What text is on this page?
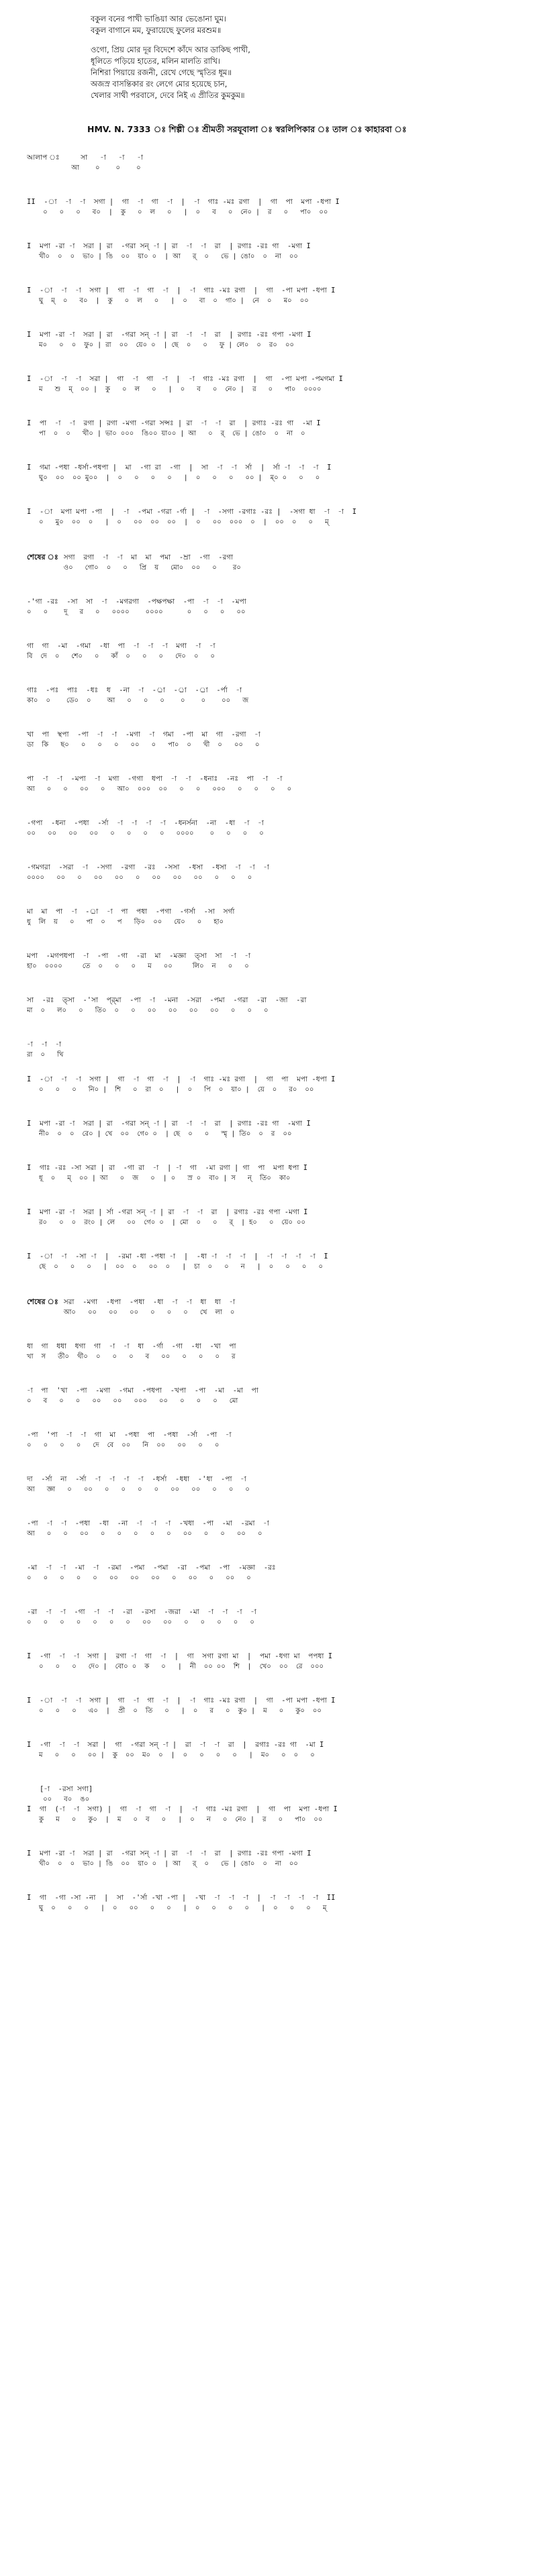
বকুল বনের পাখী ভাঙিয়া আর ভেঙোনা ঘুম।
বকুল বাগানে মম, ফুরায়েছে ফুলের মরশুম॥
ওগো, প্রিয় মোর দূর বিদেশে কাঁদে আর ডাকিছ পাখী,
ধূলিতে পড়িয়ে হাতের, মলিন মালতি রাখি।
নিশিরা পিয়ায়ে রজনী, রেখে গেছে স্মৃতির ধূম॥
অজস্র বাসন্তিকার রং লেগে মোর হয়েছে চান,
খেলার সাথী পরবাসে, দেবে নিই এ প্রীতির কুমকুম॥
HMV. N. 7333 ঃ শিল্পী ঃ শ্রীমতী সরযূবালা ঃ স্বরলিপিকার ঃ তাল ঃ কাহারবা ঃ
আলাপ ঃ     সা   -া   -া   -া
আ    ০    ০    ০
II  -া  -া  -া  সগা |  গা  -া  গা  -া  |  -া  গাঃ -মঃ রগা  |  গা  পা  মপা -ধপা I
০   ০   ০   ব০  |  কু   ০  ল   ০   |  ০   ব   ০  নে০ |  র   ০   পা০  ০০
I  মপা -রা -া  সরা | রা  -গরা সন্ -া | রা  -া  -া  রা  | রগাঃ -রঃ গা  -মগা I
খী০  ০  ০  ভা০ | ঙি  ০০  য়া০ ০  | আ   র্  ০   ভে | ঙো০  ০  না  ০০
I  -া  -া  -া  সগা |  গা  -া  গা  -া  |  -া  গাঃ -মঃ রগা  |  গা  -পা মপা -ধপা I
ঘু  ম্  ০   ব০  |  কু   ০  ল   ০   |  ০   বা  ০  গা০ |  নে  ০   ম০  ০০
I  মপা -রা -া  সরা | রা  -গরা সন্ -া | রা  -া  -া  রা  | রগাঃ -রঃ গপা -মগা I
ম০   ০  ০  ফু০ | রা  ০০  য়ে০ ০  | ছে  ০   ০   ফু | লে০  ০  র০  ০০
I  -া  -া  -া  সরা |  গা  -া  গা  -া  |  -া  গাঃ -মঃ রগা  |  গা  -পা মপা -পমগমা I
ম   শু  ম্  ০০ |  কু   ০  ল   ০   |  ০   ব   ০  নে০ |  র   ০   পা০  ০০০০
I  পা  -া  -া  রগা | রগা -মগা -গরা সন্সঃ | রা  -া  -া  রা  | রগাঃ -রঃ গা  -মা I
পা  ০  ০   খী০ | ভা০ ০০০  ঙি০০ য়া০০ | আ   ০  র্  ভে | ঙো০  ০  না  ০
I  গমা -পধা -ধর্সা-পধপা |  মা  -গা রা  -গা  |  সা  -া  -া  র্সা  |  র্সা -া  -া  -া  I
ঘু০  ০০  ০০ মু০০  |  ০   ০   ০   ০   |  ০   ০   ০   ০০ |  ম্০ ০   ০   ০
I  -া  মপা মপা -পা  |  -া  -পমা -গরা -র্গা |  -া  -সগা -রগাঃ -রঃ |  -সগা ধা  -া  -া  I
০   মু০  ০০  ০   |  ০   ০০  ০০  ০০  |  ০   ০০  ০০০  ০  |  ০০  ০   ০   ম্
শেষের ঃ সগা  রগা  -া  -া  মা  মা  পমা  -ম্রা  -গা  -রগা
ও০   গো০  ০   ০   প্রি  য়   মো০  ০০   ০    র০
-'গা -রঃ  -সা  সা  -া  -মগরগা  -পক্ষপক্ষা  -পা  -া  -া  -মপা
০   ০    দূ   র   ০   ০০০০    ০০০০      ০   ০   ০   ০০
গা  গা  -মা  -গমা  -ধা  পা  -া  -া  -া  মগা  -া  -া
বি  দে  ০   শে০   ০   কাঁ  ০   ০   ০   দে০  ০   ০
গাঃ  -পঃ  পাঃ  -ধঃ  ধ  -না  -া  -র্া  -র্া  -র্া  -র্পা  -া
কা০  ০    ডে০  ০    আ   ০   ০   ০    ০    ০    ০০   জ
খা  পা  স্থপা  -পা  -া  -া  -মগা  -া  গমা  -পা  মা  গা  -রগা  -া
ডা  কি   ছ০   ০   ০   ০   ০০   ০   পা০  ০   খী  ০   ০০   ০
পা  -া  -া  -মপা  -া  মগা  -গগা  ধপা  -া  -া  -ধনাঃ  -নঃ  পা  -া  -া
আ   ০   ০   ০০   ০   আ০  ০০০  ০০   ০   ০   ০০০   ০   ০   ০   ০
-গপা  -ধনা  -পধা  -র্সা  -া  -া  -া  -া  -ধনর্সনা  -না  -ধা  -া  -া
০০   ০০   ০০   ০০   ০   ০   ০   ০   ০০০০    ০   ০   ০   ০
-গমগরা  -সরা  -া  -সগা  -রগা  -রঃ  -সসা  -ধসা  -ধসা  -া  -া  -া
০০০০   ০০   ০   ০০   ০০   ০   ০০   ০০   ০০   ০   ০   ০
মা  মা  পা  -া  -র্া  -া  পা  পধা  -পগা  -গর্সা  -সা  সর্গা
ধু  লি  য়   ০   পা  ০   প   ড়ি০  ০০   য়ে০   ০   হা০
মপা  -মগপধপা  -া  -পা  -গা  -রা  মা  -মজ্ঞা  ত্সা  সা  -া  -া
হা০  ০০০০     তে  ০   ০   ০   ম   ০০     লি০  ন   ০   ০
সা  -রঃ  ত্সা  -'সা  প্র্মা  -পা  -া  -মনা  -সরা  -পমা  -গরা  -রা  -জা  -রা
মা  ০   ল০   ০   তি০  ০   ০   ০০   ০০   ০০   ০০   ০   ০   ০
-া  -া  -া
রা  ০   খি
I  -া  -া  -া  সগা |  গা  -া  গা  -া  |  -া  গাঃ -মঃ রগা  |  গা  পা  মপা -ধপা I
০   ০   ০   নি০ |  শি   ০  রা  ০   |  ০   পি  ০  য়া০ |  য়ে  ০   র০  ০০
I  মপা -রা -া  সরা | রা  -গরা সন্ -া | রা  -া  -া  রা  | রগাঃ -রঃ গা  -মগা I
নী০  ০  ০  রে০ | খে  ০০  গে০ ০  | ছে  ০   ০   স্মৃ | তি০  ০  র  ০০
I  গাঃ -রঃ -সা সরা | রা  -গা রা  -া  | -া  গা  -মা রগা | গা  পা  মপা ধপা I
ধূ  ০   ম্  ০০ | আ   ০  জ   ০  | ০   স্র ০  বা০ | স   ন্  তি০  কা০
I  মপা -রা -া  সরা | র্সা -গরা সন্ -া | রা  -া  -া  রা  | রগাঃ -রঃ গপা -মগা I
র০   ০  ০  রং০ | লে   ০০  গে০ ০  | মো  ০   ০   র্  | হ০   ০  য়ে০ ০০
I  -া  -া  -সা -া  |  -রমা -ধা -পধা -া  |  -ধা -া  -া  -া  |  -া  -া  -া  -া  I
ছে  ০   ০   ০   |  ০০  ০   ০০  ০   |  চা  ০   ০   ন   |  ০   ০   ০   ০
শেষের ঃ সরা  -মগা  -ধপা  -পধা  -ধা  -া  -া  ধা  ধা  -া
আ০   ০০   ০০   ০০   ০   ০   ০   খে  লা  ০
ধা  গা  ধধা  ধগা  গা  -া  -া  ধা  -র্গা  -গা  -ধা  -খা  পা
খা  স   তী০  থী০  ০   ০   ০   ব   ০০   ০   ০   ০   র
-া  পা  'খা  -পা  -মগা  -গমা  -পধপা  -খপা  -পা  -মা  -মা  পা
০   ব   ০   ০   ০০   ০০   ০০০   ০০   ০   ০   ০   মো
-পা  'পা  -া  -া  গা  মা  -পধা  পা  -পধা  -র্সা  -পা  -া
০   ০   ০   ০   দে  বে  ০০   নি  ০০   ০০   ০   ০
দা  -র্সা  না  -র্সা  -া  -া  -া  -া  -ধর্সা  -ধধা  -'ধা  -পা  -া
আ   জ্ঞা   ০   ০০   ০   ০   ০   ০   ০০   ০০   ০   ০   ০
-পা  -া  -া  -পধা  -ধা  -না  -া  -া  -া  -খধা  -পা  -মা  -রমা  -া
আ   ০   ০   ০০   ০   ০   ০   ০   ০   ০০   ০   ০   ০০   ০
-মা  -া  -া  -মা  -া  -রমা  -পমা  -পমা  -রা  -পমা  -পা  -মজ্ঞা  -রঃ
০   ০   ০   ০   ০   ০০   ০০   ০০   ০   ০০   ০   ০০   ০
-রা  -া  -া  -গা  -া  -া  -রা  -রসা  -জরা  -মা  -া  -া  -া  -া
০   ০   ০   ০   ০   ০   ০   ০০   ০০   ০   ০   ০   ০   ০
I  -গা  -া  -া  সগা |  রগা -া  গা  -া  |  গা  সগা রগা মা  |  পমা -ধগা মা  পপধা I
০   ০   ০   দে০ |  বো০ ০  ক   ০   |  নী  ০০ ০০  শি  |  খে০  ০০  রে  ০০০
I  -া  -া  -া  সগা |  গা  -া  গা  -া  |  -া  গাঃ -মঃ রগা  |  গা  -পা মপা -ধপা I
০   ০   ০   এ০  |  প্রী  ০  তি   ০   |  ০   র   ০  কু০ |  ম   ০   কু০  ০০
I  -গা  -া  -া  সরা |  গা  -গরা সন্ -া |  রা  -া  -া  রা  |  রগাঃ -রঃ গা  -মা I
ম   ০   ০   ০০ |  কু  ০০  ম০  ০  |  ০   ০   ০   ০   |  ম০   ০  ০   ০
[-া  -রসা সগা]
০০   ব০  ঙ০
I  গা  (-া  -া  সগা) |  গা  -া  গা  -া  |  -া  গাঃ -মঃ রগা  |  গা  পা  মপা -ধপা I
কু   ম   ০   কু০  |  ম   ০  ব   ০   |  ০   ন   ০  নে০ |  র   ০   পা০  ০০
I  মপা -রা -া  সরা | রা  -গরা সন্ -া | রা  -া  -া  রা  | রগাঃ -রঃ গপা -মগা I
খী০  ০  ০  ভা০ | ঙি  ০০  য়া০ ০  | আ   র্  ০   ভে | ঙো০  ০  না  ০০
I  গা  -গা -সা -না  |  সা  -'র্সা -খা -পা |  -খা  -া  -া  -া  |  -া  -া  -া  -া  II
ঘু  ০   ০   ০   |  ০   ০০   ০   ০   |  ০   ০   ০   ০   |  ০   ০   ০   ম্
